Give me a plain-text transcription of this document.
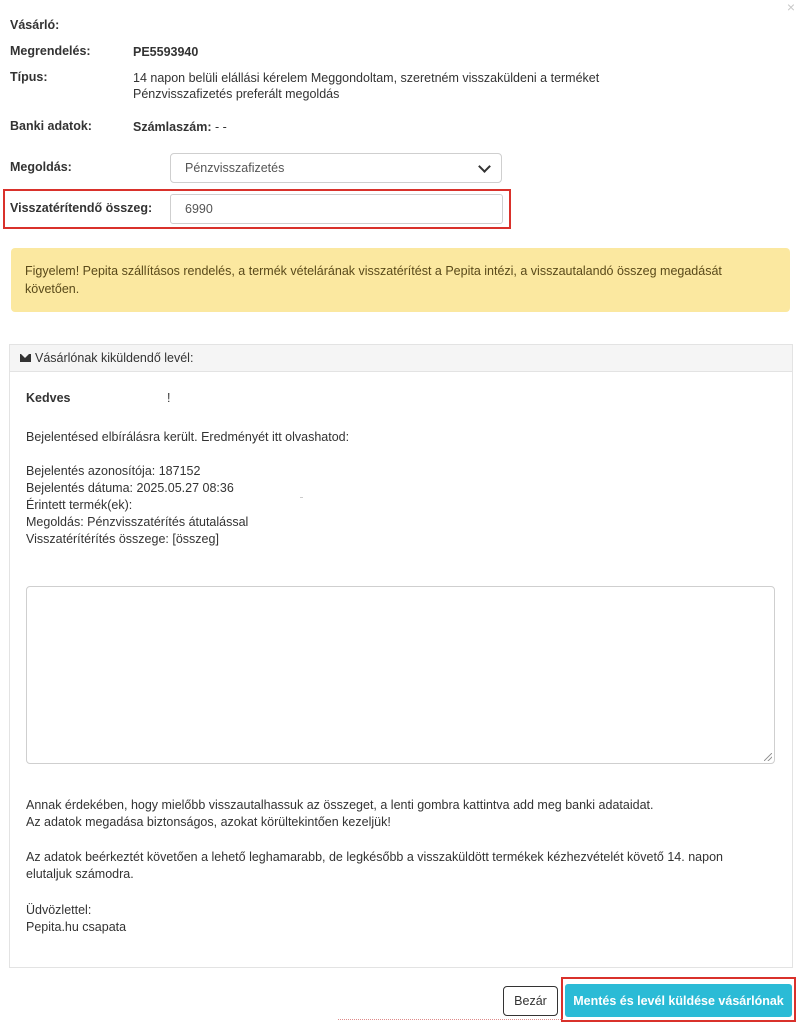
×
Vásárló:
Megrendelés:	PE5593940
Típus:	14 napon belüli elállási kérelem Meggondoltam, szeretném visszaküldeni a terméket
Pénzvisszafizetés preferált megoldás
Banki adatok:	Számlaszám: - -
Megoldás:	Pénzvisszafizetés
Visszatérítendő összeg:	6990
Figyelem! Pepita szállításos rendelés, a termék vételárának visszatérítést a Pepita intézi, a visszautalandó összeg megadását követően.
Vásárlónak kiküldendő levél:
Kedves	!
Bejelentésed elbírálásra került. Eredményét itt olvashatod:
Bejelentés azonosítója: 187152
Bejelentés dátuma: 2025.05.27 08:36
Érintett termék(ek):
Megoldás: Pénzvisszatérítés átutalással
Visszatérítérítés összege: [összeg]
Annak érdekében, hogy mielőbb visszautalhassuk az összeget, a lenti gombra kattintva add meg banki adataidat.
Az adatok megadása biztonságos, azokat körültekintően kezeljük!
Az adatok beérkeztét követően a lehető leghamarabb, de legkésőbb a visszaküldött termékek kézhezvételét követő 14. napon
elutaljuk számodra.
Üdvözlettel:
Pepita.hu csapata
Bezár	Mentés és levél küldése vásárlónak
